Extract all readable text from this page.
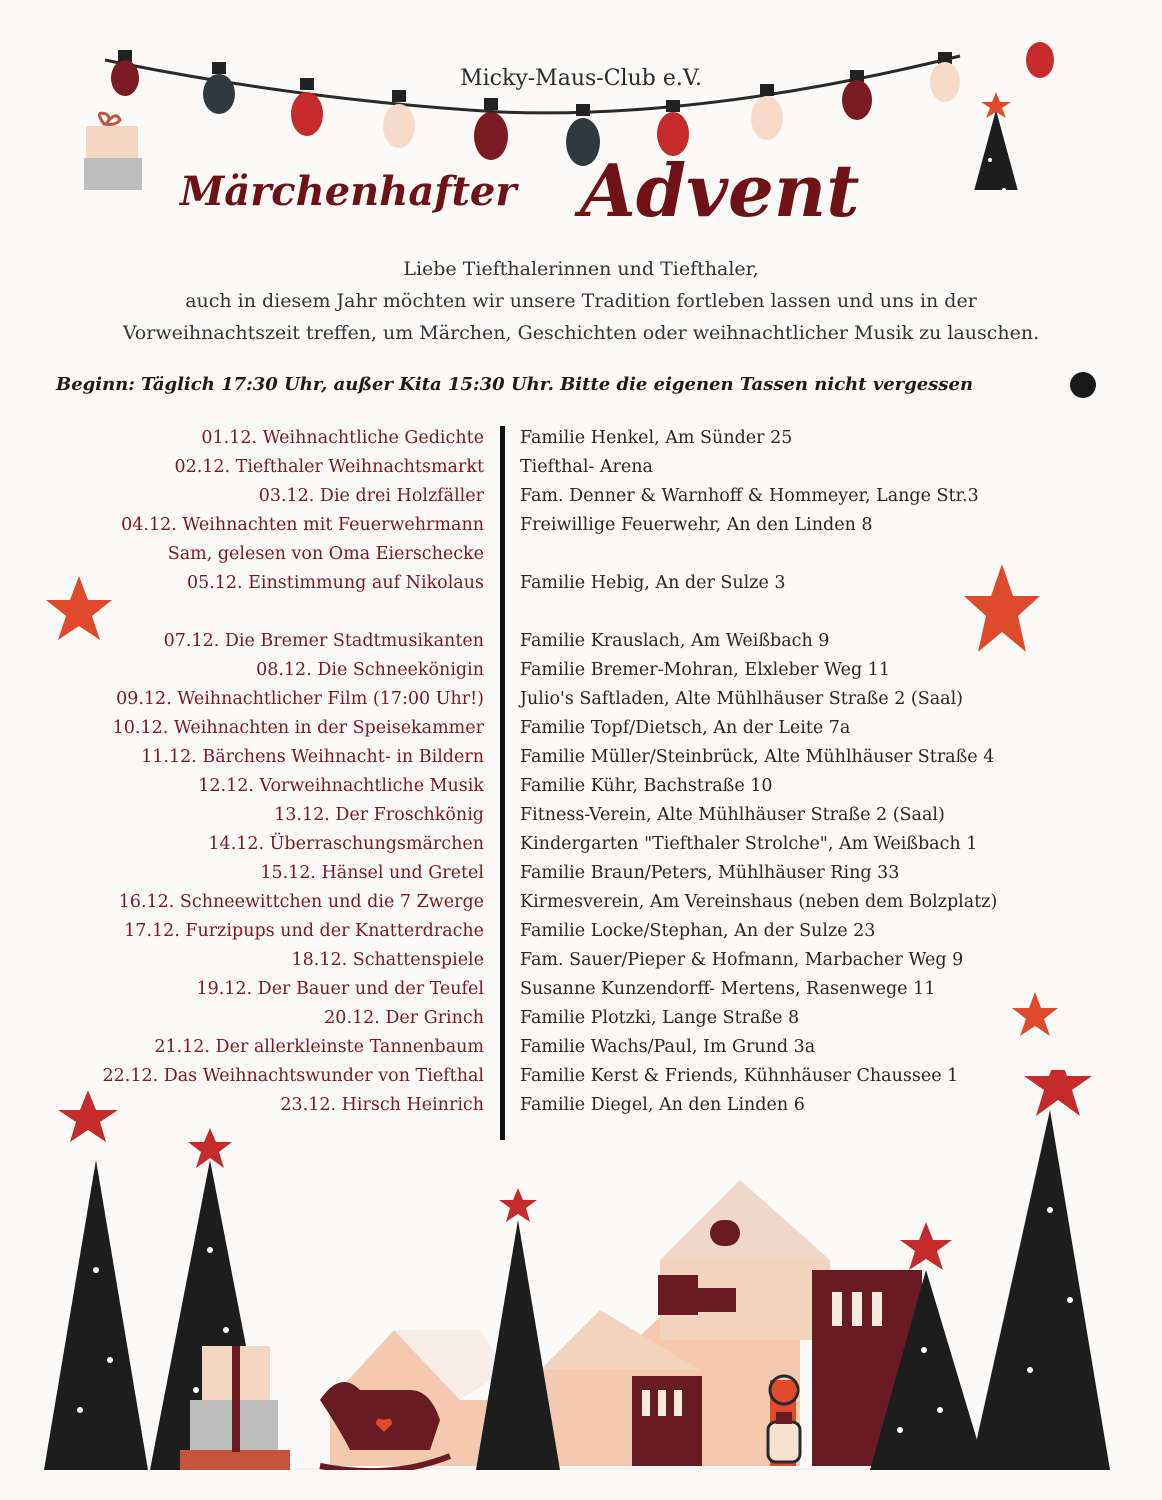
Micky-Maus-Club e.V.
Märchenhafter Advent
Liebe Tiefthalerinnen und Tiefthaler,
auch in diesem Jahr möchten wir unsere Tradition fortleben lassen und uns in der
Vorweihnachtszeit treffen, um Märchen, Geschichten oder weihnachtlicher Musik zu lauschen.
Beginn: Täglich 17:30 Uhr, außer Kita 15:30 Uhr. Bitte die eigenen Tassen nicht vergessen
01.12. Weihnachtliche Gedichte Familie Henkel, Am Sünder 25
02.12. Tiefthaler Weihnachtsmarkt Tiefthal- Arena
03.12. Die drei Holzfäller Fam. Denner & Warnhoff & Hommeyer, Lange Str.3
04.12. Weihnachten mit Feuerwehrmann Freiwillige Feuerwehr, An den Linden 8
Sam, gelesen von Oma Eierschecke
05.12. Einstimmung auf Nikolaus Familie Hebig, An der Sulze 3
07.12. Die Bremer Stadtmusikanten Familie Krauslach, Am Weißbach 9
08.12. Die Schneekönigin Familie Bremer-Mohran, Elxleber Weg 11
09.12. Weihnachtlicher Film (17:00 Uhr!) Julio's Saftladen, Alte Mühlhäuser Straße 2 (Saal)
10.12. Weihnachten in der Speisekammer Familie Topf/Dietsch, An der Leite 7a
11.12. Bärchens Weihnacht- in Bildern Familie Müller/Steinbrück, Alte Mühlhäuser Straße 4
12.12. Vorweihnachtliche Musik Familie Kühr, Bachstraße 10
13.12. Der Froschkönig Fitness-Verein, Alte Mühlhäuser Straße 2 (Saal)
14.12. Überraschungsmärchen Kindergarten "Tiefthaler Strolche", Am Weißbach 1
15.12. Hänsel und Gretel Familie Braun/Peters, Mühlhäuser Ring 33
16.12. Schneewittchen und die 7 Zwerge Kirmesverein, Am Vereinshaus (neben dem Bolzplatz)
17.12. Furzipups und der Knatterdrache Familie Locke/Stephan, An der Sulze 23
18.12. Schattenspiele Fam. Sauer/Pieper & Hofmann, Marbacher Weg 9
19.12. Der Bauer und der Teufel Susanne Kunzendorff- Mertens, Rasenwege 11
20.12. Der Grinch Familie Plotzki, Lange Straße 8
21.12. Der allerkleinste Tannenbaum Familie Wachs/Paul, Im Grund 3a
22.12. Das Weihnachtswunder von Tiefthal Familie Kerst & Friends, Kühnhäuser Chaussee 1
23.12. Hirsch Heinrich Familie Diegel, An den Linden 6
